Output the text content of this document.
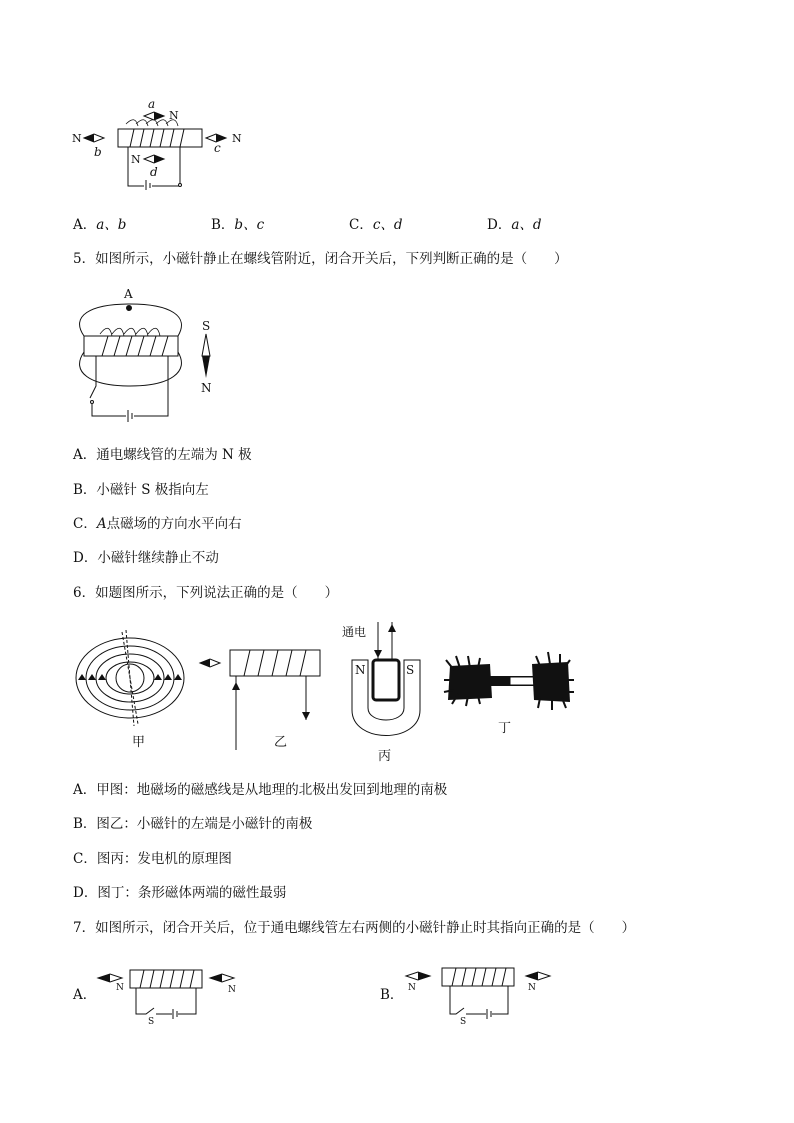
a
N
N
b
N
c
N
d
A．a、b	B．b、c	C．c、d	D．a、d
5．如图所示，小磁针静止在螺线管附近，闭合开关后，下列判断正确的是（　　）
A
S
N
A．通电螺线管的左端为 N 极
B．小磁针 S 极指向左
C．A点磁场的方向水平向右
D．小磁针继续静止不动
6．如题图所示，下列说法正确的是（　　）
甲	乙
通电
N	S
丙
丁
A．甲图：地磁场的磁感线是从地理的北极出发回到地理的南极
B．图乙：小磁针的左端是小磁针的南极
C．图丙：发电机的原理图
D．图丁：条形磁体两端的磁性最弱
7．如图所示，闭合开关后，位于通电螺线管左右两侧的小磁针静止时其指向正确的是（　　）
A． N	N
S
B． N	N
S
